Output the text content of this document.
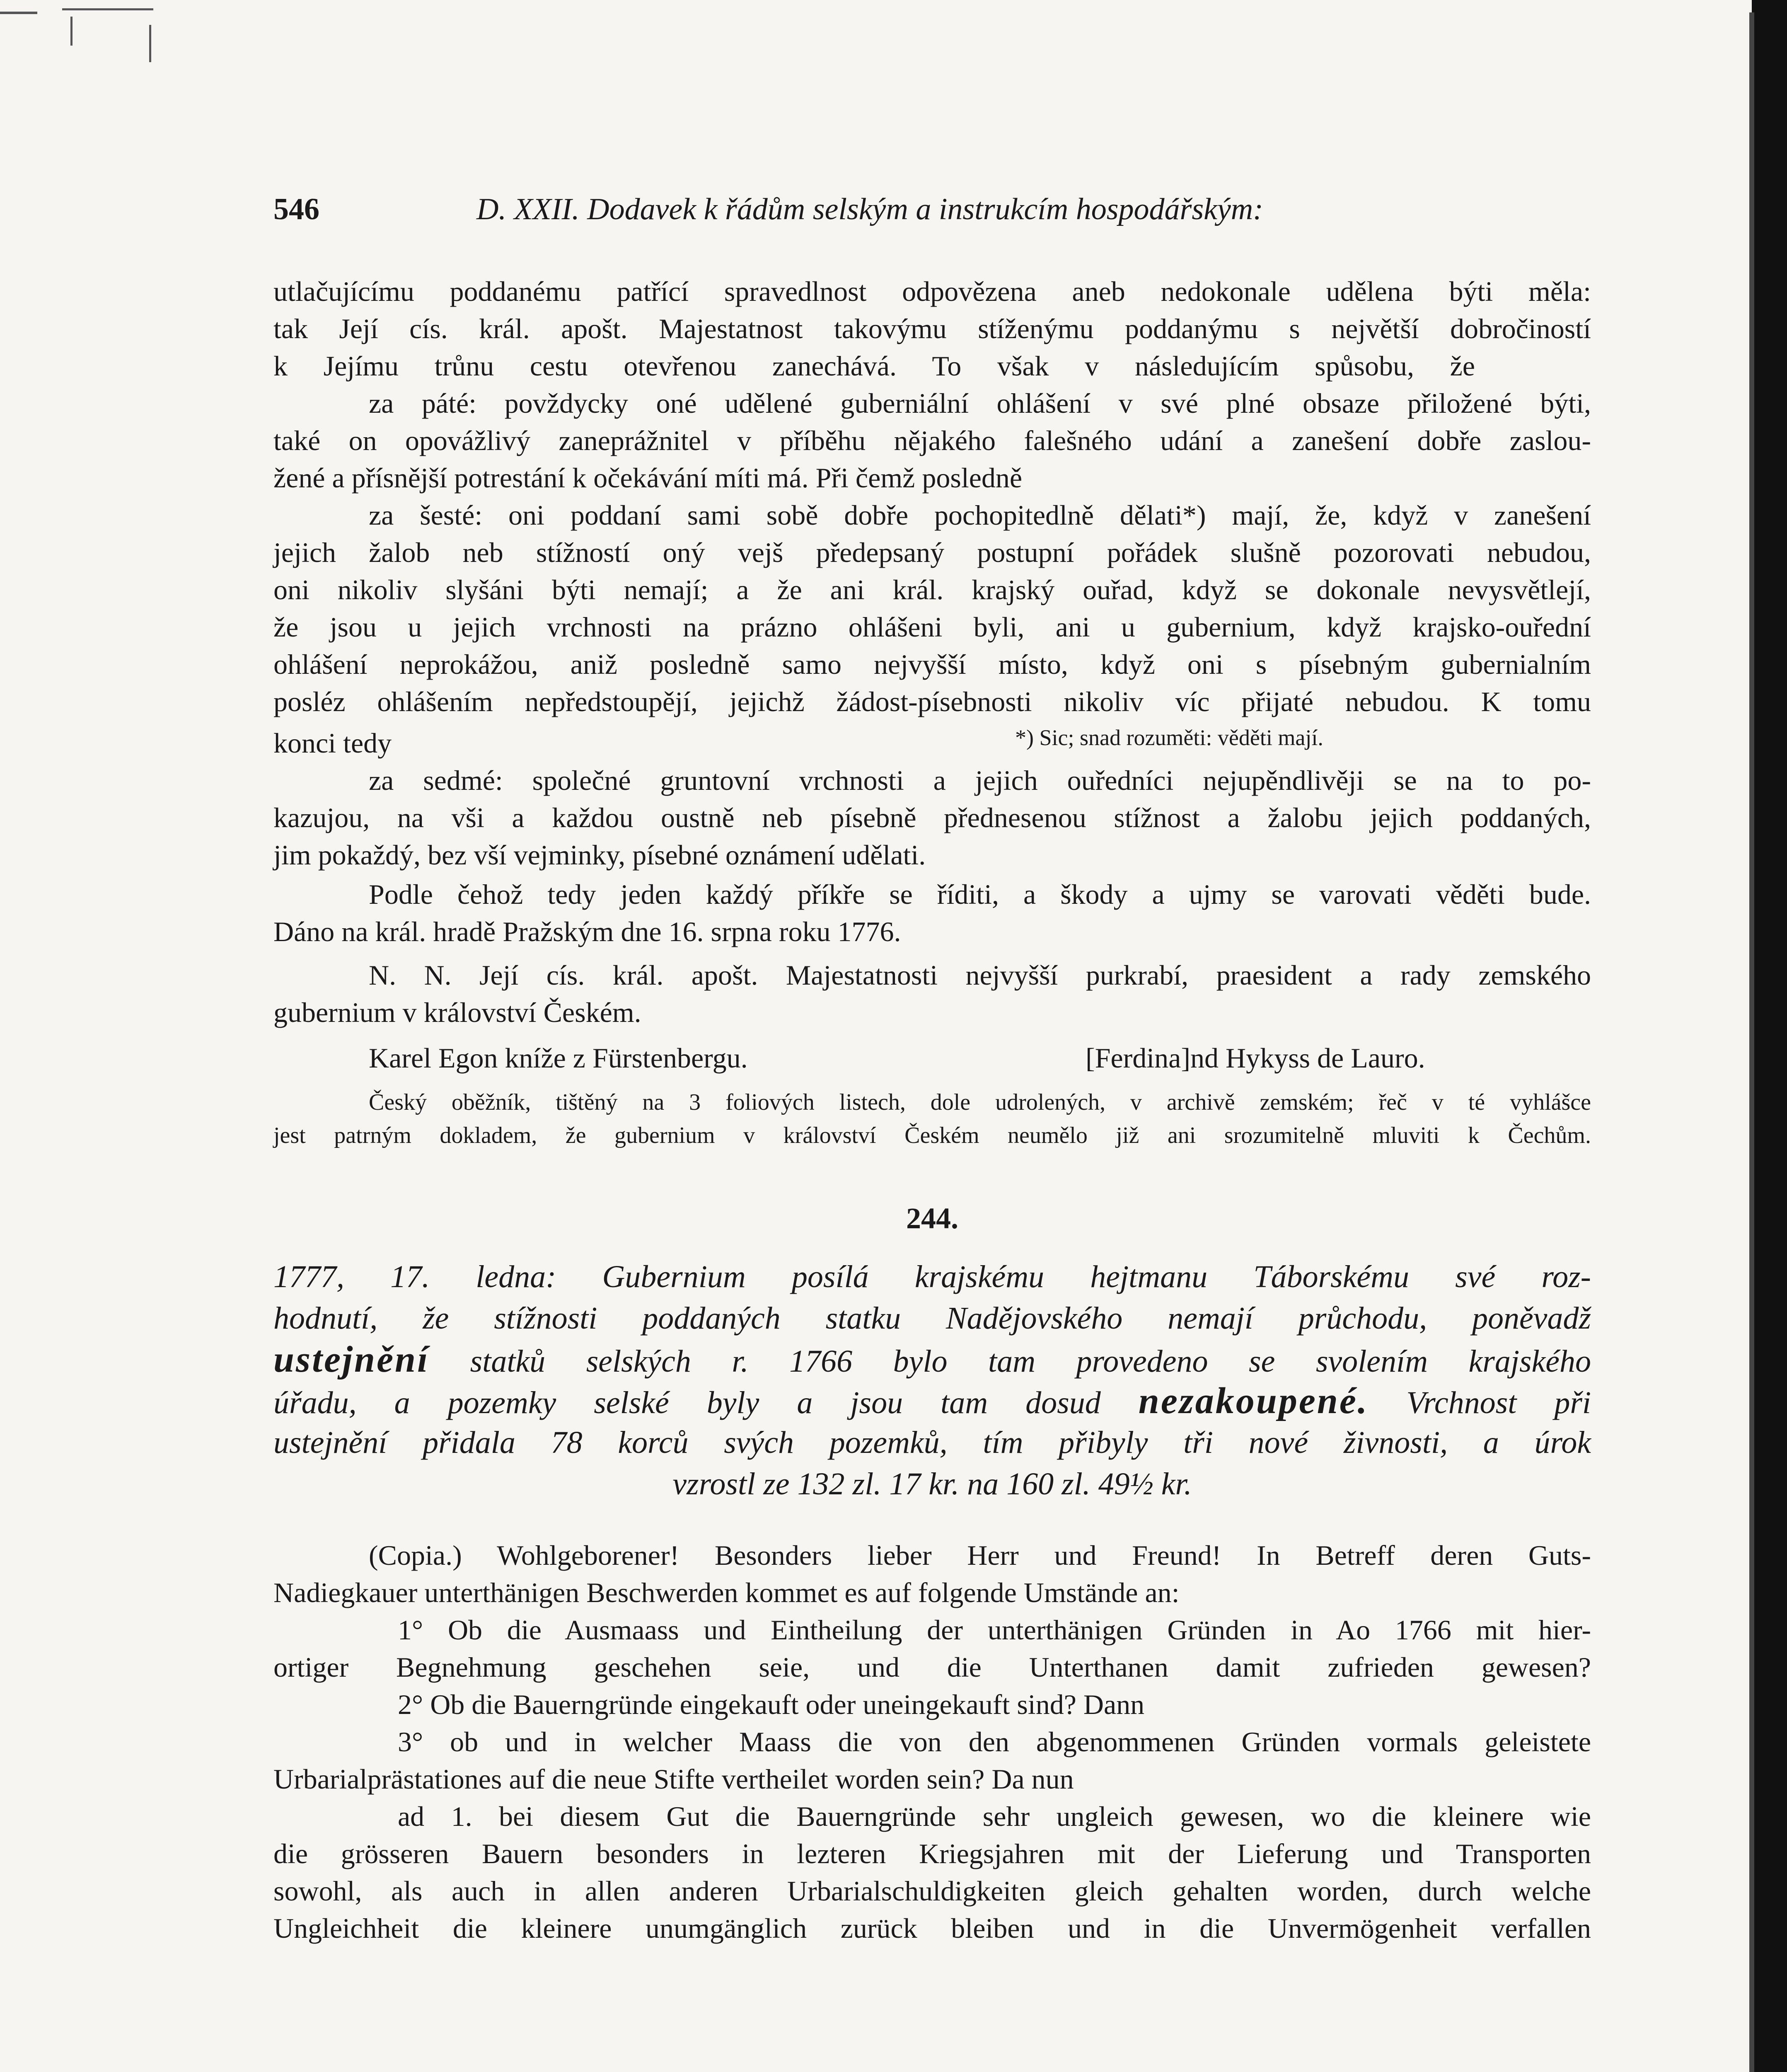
546	D. XXII. Dodavek k řádům selským a instrukcím hospodářským:
utlačujícímu poddanému patřící spravedlnost odpovězena aneb nedokonale udělena býti měla:
tak Její cís. král. apošt. Majestatnost takovýmu stíženýmu poddanýmu s největší dobročiností
k Jejímu trůnu cestu otevřenou zanechává. To však v následujícím spůsobu, že
za páté: povždycky oné udělené guberniální ohlášení v své plné obsaze přiložené býti,
také on opovážlivý zaneprážnitel v příběhu nějakého falešného udání a zanešení dobře zaslou-
žené a přísnější potrestání k očekávání míti má. Při čemž posledně
za šesté: oni poddaní sami sobě dobře pochopitedlně dělati*) mají, že, když v zanešení
jejich žalob neb stížností oný vejš předepsaný postupní pořádek slušně pozorovati nebudou,
oni nikoliv slyšáni býti nemají; a že ani král. krajský ouřad, když se dokonale nevysvětlejí,
že jsou u jejich vrchnosti na prázno ohlášeni byli, ani u gubernium, když krajsko-ouřední
ohlášení neprokážou, aniž posledně samo nejvyšší místo, když oni s písebným gubernialním
posléz ohlášením nepředstoupějí, jejichž žádost-písebnosti nikoliv víc přijaté nebudou. K tomu
konci tedy	*) Sic; snad rozuměti: věděti mají.
za sedmé: společné gruntovní vrchnosti a jejich ouředníci nejupěndlivěji se na to po-
kazujou, na vši a každou oustně neb písebně přednesenou stížnost a žalobu jejich poddaných,
jim pokaždý, bez vší vejminky, písebné oznámení udělati.
Podle čehož tedy jeden každý příkře se říditi, a škody a ujmy se varovati věděti bude.
Dáno na král. hradě Pražským dne 16. srpna roku 1776.
N. N. Její cís. král. apošt. Majestatnosti nejvyšší purkrabí, praesident a rady zemského
gubernium v království Českém.
Karel Egon kníže z Fürstenbergu.	[Ferdina]nd Hykyss de Lauro.
Český oběžník, tištěný na 3 foliových listech, dole udrolených, v archivě zemském; řeč v té vyhlášce
jest patrným dokladem, že gubernium v království Českém neumělo již ani srozumitelně mluviti k Čechům.
244.
1777, 17. ledna: Gubernium posílá krajskému hejtmanu Táborskému své roz-
hodnutí, že stížnosti poddaných statku Nadějovského nemají průchodu, poněvadž
ustejnění statků selských r. 1766 bylo tam provedeno se svolením krajského
úřadu, a pozemky selské byly a jsou tam dosud nezakoupené. Vrchnost při
ustejnění přidala 78 korců svých pozemků, tím přibyly tři nové živnosti, a úrok
vzrostl ze 132 zl. 17 kr. na 160 zl. 49½ kr.
(Copia.) Wohlgeborener! Besonders lieber Herr und Freund! In Betreff deren Guts-
Nadiegkauer unterthänigen Beschwerden kommet es auf folgende Umstände an:
1° Ob die Ausmaass und Eintheilung der unterthänigen Gründen in Ao 1766 mit hier-
ortiger Begnehmung geschehen seie, und die Unterthanen damit zufrieden gewesen?
2° Ob die Bauerngründe eingekauft oder uneingekauft sind? Dann
3° ob und in welcher Maass die von den abgenommenen Gründen vormals geleistete
Urbarialprästationes auf die neue Stifte vertheilet worden sein? Da nun
ad 1. bei diesem Gut die Bauerngründe sehr ungleich gewesen, wo die kleinere wie
die grösseren Bauern besonders in lezteren Kriegsjahren mit der Lieferung und Transporten
sowohl, als auch in allen anderen Urbarialschuldigkeiten gleich gehalten worden, durch welche
Ungleichheit die kleinere unumgänglich zurück bleiben und in die Unvermögenheit verfallen
